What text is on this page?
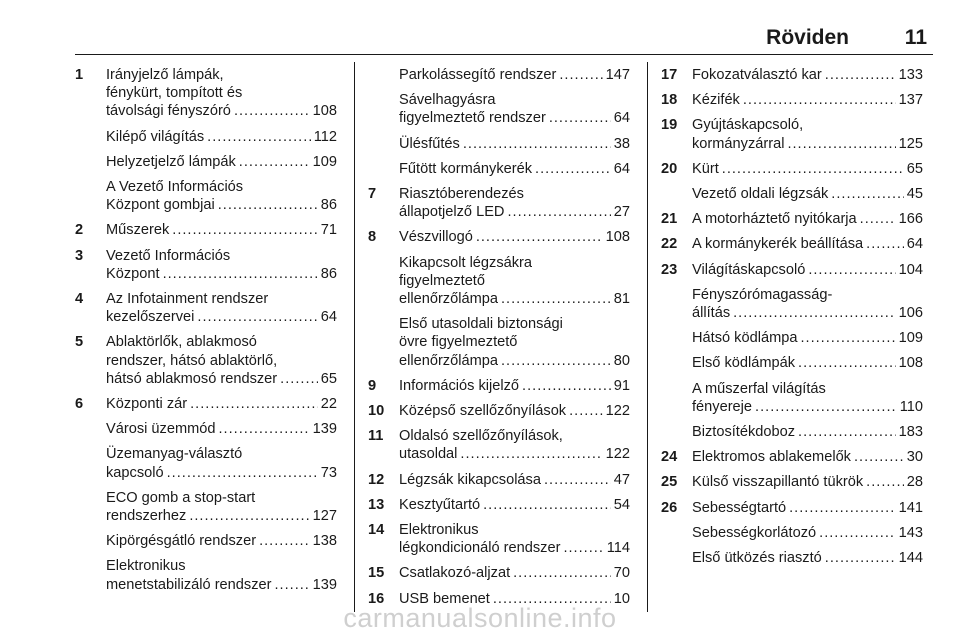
Röviden	11
1 Irányjelző lámpák,
fénykürt, tompított és
távolsági fényszóró .....	108
Kilépő világítás .....	112
Helyzetjelző lámpák .....	109
A Vezető Információs
Központ gombjai .....	86
2 Műszerek .....	71
3 Vezető Információs
Központ .....	86
4 Az Infotainment rendszer
kezelőszervei .....	64
5 Ablaktörlők, ablakmosó
rendszer, hátsó ablaktörlő,
hátsó ablakmosó rendszer .....	65
6 Központi zár .....	22
Városi üzemmód .....	139
Üzemanyag-választó
kapcsoló .....	73
ECO gomb a stop-start
rendszerhez .....	127
Kipörgésgátló rendszer .....	138
Elektronikus
menetstabilizáló rendszer .....	139
Parkolássegítő rendszer .....	147
Sávelhagyásra
figyelmeztető rendszer .....	64
Ülésfűtés .....	38
Fűtött kormánykerék .....	64
7 Riasztóberendezés
állapotjelző LED .....	27
8 Vészvillogó .....	108
Kikapcsolt légzsákra
figyelmeztető
ellenőrzőlámpa .....	81
Első utasoldali biztonsági
övre figyelmeztető
ellenőrzőlámpa .....	80
9 Információs kijelző .....	91
10 Középső szellőzőnyílások .....	122
11 Oldalsó szellőzőnyílások,
utasoldal .....	122
12 Légzsák kikapcsolása .....	47
13 Kesztyűtartó .....	54
14 Elektronikus
légkondicionáló rendszer .....	114
15 Csatlakozó-aljzat .....	70
16 USB bemenet .....	10
17 Fokozatválasztó kar .....	133
18 Kézifék .....	137
19 Gyújtáskapcsoló,
kormányzárral .....	125
20 Kürt .....	65
Vezető oldali légzsák .....	45
21 A motorháztető nyitókarja .....	166
22 A kormánykerék beállítása .....	64
23 Világításkapcsoló .....	104
Fényszórómagasság-
állítás .....	106
Hátsó ködlámpa .....	109
Első ködlámpák .....	108
A műszerfal világítás
fényereje .....	110
Biztosítékdoboz .....	183
24 Elektromos ablakemelők .....	30
25 Külső visszapillantó tükrök .....	28
26 Sebességtartó .....	141
Sebességkorlátozó .....	143
Első ütközés riasztó .....	144
carmanualsonline.info
